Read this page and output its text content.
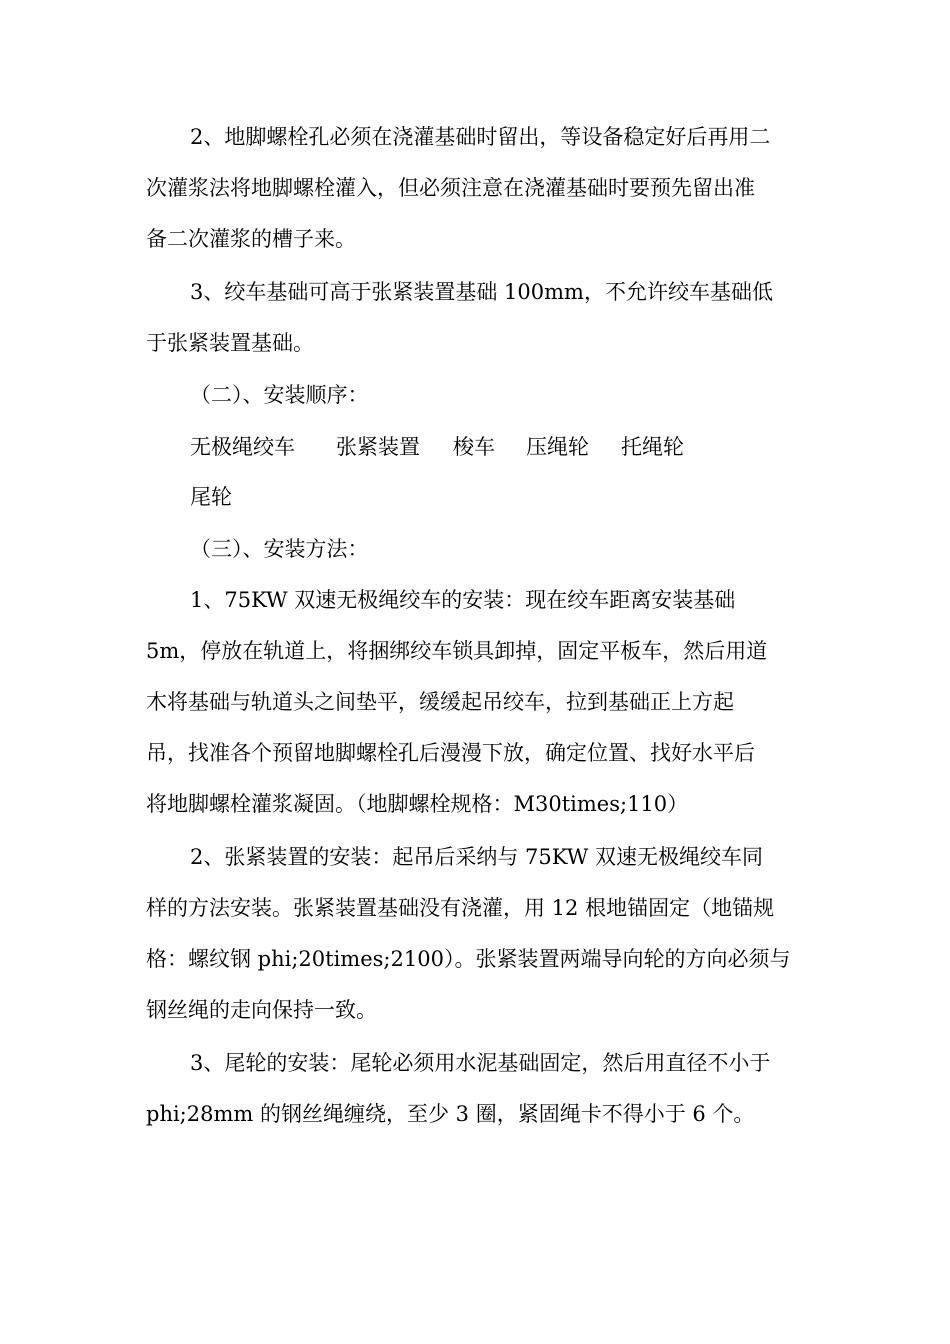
2、地脚螺栓孔必须在浇灌基础时留出，等设备稳定好后再用二
次灌浆法将地脚螺栓灌入，但必须注意在浇灌基础时要预先留出准
备二次灌浆的槽子来。
3、绞车基础可高于张紧装置基础 100mm，不允许绞车基础低
于张紧装置基础。
（二）、安装顺序：
无极绳绞车 张紧装置 梭车 压绳轮 托绳轮
尾轮
（三）、安装方法：
1、75KW 双速无极绳绞车的安装：现在绞车距离安装基础
5m，停放在轨道上，将捆绑绞车锁具卸掉，固定平板车，然后用道
木将基础与轨道头之间垫平，缓缓起吊绞车，拉到基础正上方起
吊，找准各个预留地脚螺栓孔后漫漫下放，确定位置、找好水平后
将地脚螺栓灌浆凝固。（地脚螺栓规格：M30times;110）
2、张紧装置的安装：起吊后采纳与 75KW 双速无极绳绞车同
样的方法安装。张紧装置基础没有浇灌，用 12 根地锚固定（地锚规
格：螺纹钢 phi;20times;2100）。张紧装置两端导向轮的方向必须与
钢丝绳的走向保持一致。
3、尾轮的安装：尾轮必须用水泥基础固定，然后用直径不小于
phi;28mm 的钢丝绳缠绕，至少 3 圈，紧固绳卡不得小于 6 个。
